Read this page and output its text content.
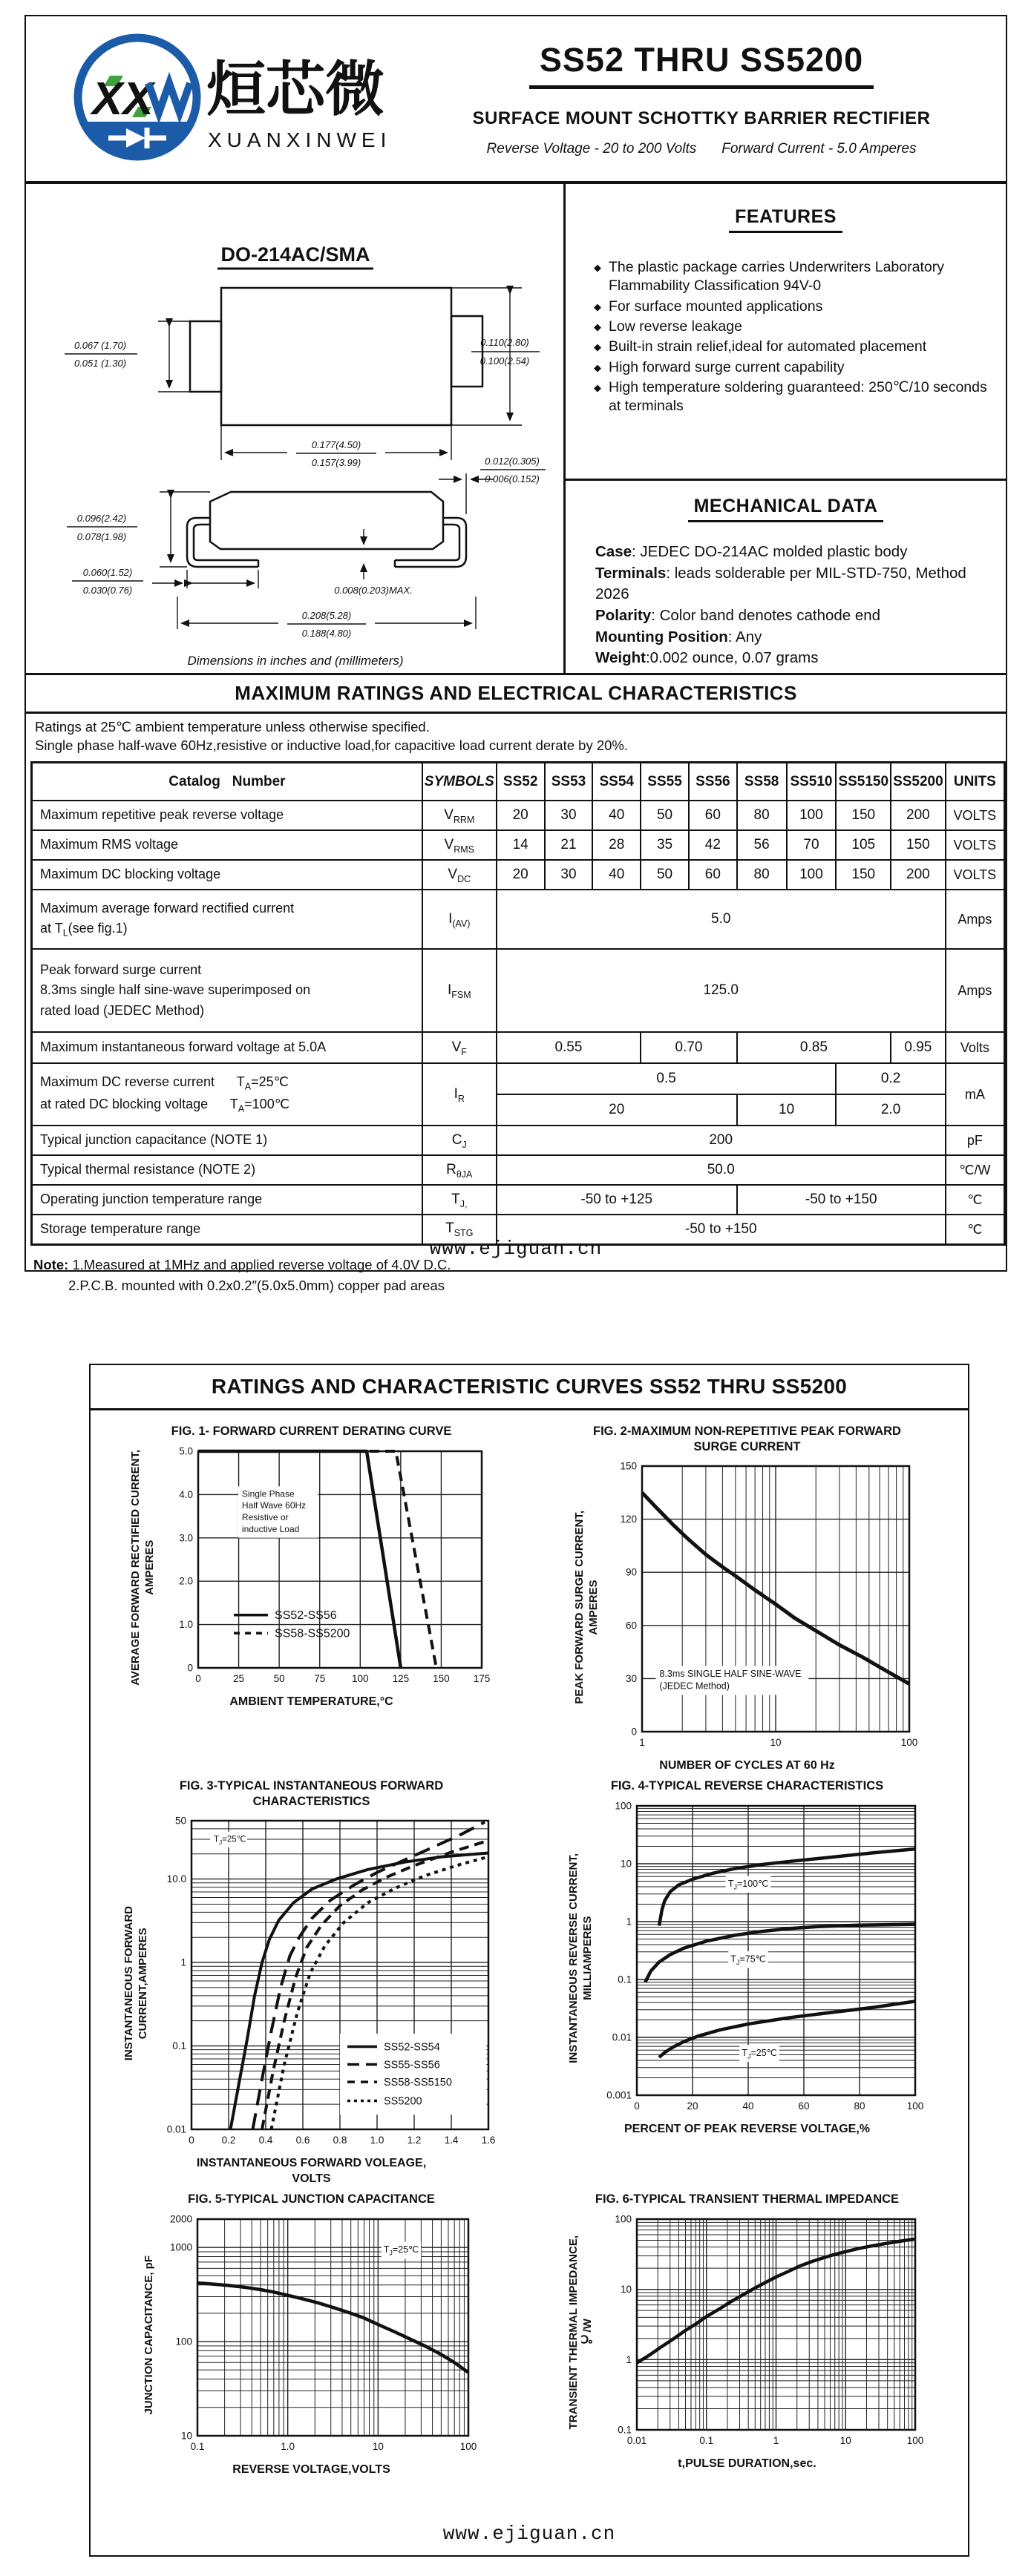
XX 烜芯微
XUANXINWEI
SS52 THRU SS5200
SURFACE MOUNT SCHOTTKY BARRIER RECTIFIER
Reverse Voltage - 20 to 200 Volts Forward Current - 5.0 Amperes
DO-214AC/SMA
0.067 (1.70)
0.051 (1.30)
0.110(2.80)
0.100(2.54)
0.177(4.50)
0.157(3.99)	0.012(0.305)
0.006(0.152)
0.096(2.42)
0.078(1.98)
0.060(1.52)
0.030(0.76)	0.008(0.203)MAX.
0.208(5.28)
0.188(4.80)
Dimensions in inches and (millimeters)
FEATURES
◆ The plastic package carries Underwriters Laboratory Flammability Classification 94V-0
◆ For surface mounted applications
◆ Low reverse leakage
◆ Built-in strain relief,ideal for automated placement
◆ High forward surge current capability
◆ High temperature soldering guaranteed: 250℃/10 seconds at terminals
MECHANICAL DATA
Case: JEDEC DO-214AC molded plastic body
Terminals: leads solderable per MIL-STD-750, Method 2026
Polarity: Color band denotes cathode end
Mounting Position: Any
Weight:0.002 ounce, 0.07 grams

MAXIMUM RATINGS AND ELECTRICAL CHARACTERISTICS
Ratings at 25℃ ambient temperature unless otherwise specified.
Single phase half-wave 60Hz,resistive or inductive load,for capacitive load current derate by 20%.
Catalog   Number	SYMBOLS	SS52	SS53	SS54	SS55	SS56	SS58	SS510	SS5150	SS5200	UNITS
Maximum repetitive peak reverse voltage	$V_{RRM}$	20	30	40	50	60	80	100	150	200	VOLTS
Maximum RMS voltage	$V_{RMS}$	14	21	28	35	42	56	70	105	150	VOLTS
Maximum DC blocking voltage	$V_{DC}$	20	30	40	50	60	80	100	150	200	VOLTS
Maximum average forward rectified current
at $T_L(see$ fig.1)	$I_{(AV)}$	5.0									Amps
Peak forward surge current
8.3ms single half sine-wave superimposed on
rated load (JEDEC Method)	$I_{FSM}$	125.0									Amps
Maximum instantaneous forward voltage at 5.0A	$V_F$	0.55			0.70		0.85			0.95	Volts
Maximum DC reverse current      $T_A=25℃$
at rated DC blocking voltage      $T_A=100℃$	$I_R$	0.5							0.2		mA
		20					10		2.0		
Typical junction capacitance (NOTE 1)	$C_J$	200									pF
Typical thermal resistance (NOTE 2)	$R_{\theta JA}$	50.0									℃/W
Operating junction temperature range	$T_{J,}$	-50 to +125					-50 to +150				℃
Storage temperature range	$T_{STG}$	-50 to +150									℃
Note: 1.Measured at 1MHz and applied reverse voltage of 4.0V D.C.
2.P.C.B. mounted with 0.2x0.2″(5.0x5.0mm) copper pad areas
www.ejiguan.cn
RATINGS AND CHARACTERISTIC CURVES SS52 THRU SS5200
FIG. 1- FORWARD CURRENT DERATING CURVE
AVERAGE FORWARD RECTIFIED CURRENT, AMPERES
0	25	50	75	100 125 150 175
0
1.0
2.0
3.0
4.0
5.0
Single Phase
Half Wave 60Hz
Resistive or
inductive Load
SS52-SS56
SS58-SS5200
AMBIENT TEMPERATURE,°C
FIG. 2-MAXIMUM NON-REPETITIVE PEAK FORWARD
SURGE CURRENT
PEAK FORWARD SURGE CURRENT, AMPERES
1	10	100
0
30
60
90
120
150
8.3ms SINGLE HALF SINE-WAVE
(JEDEC Method)
NUMBER OF CYCLES AT 60 Hz
FIG. 3-TYPICAL INSTANTANEOUS FORWARD
CHARACTERISTICS
INSTANTANEOUS FORWARD CURRENT,AMPERES
0	0.2 0.4 0.6 0.8 1.0 1.2 1.4 1.6
0.01
0.1
1
10.0
50
$T_J=25℃$
SS52-SS54
SS55-SS56
SS58-SS5150
SS5200
INSTANTANEOUS FORWARD VOLEAGE,
VOLTS
FIG. 4-TYPICAL REVERSE CHARACTERISTICS
INSTANTANEOUS REVERSE CURRENT, MILLIAMPERES
0	20	40	60	80	100
0.001
0.01
0.1
1
10
100
$T_J=100℃$
$T_J=75℃$
$T_J=25℃$
PERCENT OF PEAK REVERSE VOLTAGE,%
FIG. 5-TYPICAL JUNCTION CAPACITANCE
JUNCTION CAPACITANCE, pF
0.1	1.0	10	100
10
100
1000
2000
$T_J=25℃$
REVERSE VOLTAGE,VOLTS
FIG. 6-TYPICAL TRANSIENT THERMAL IMPEDANCE
TRANSIENT THERMAL IMPEDANCE, ℃/W
0.01	0.1	1	10	100
0.1
1
10
100
t,PULSE DURATION,sec.
www.ejiguan.cn
